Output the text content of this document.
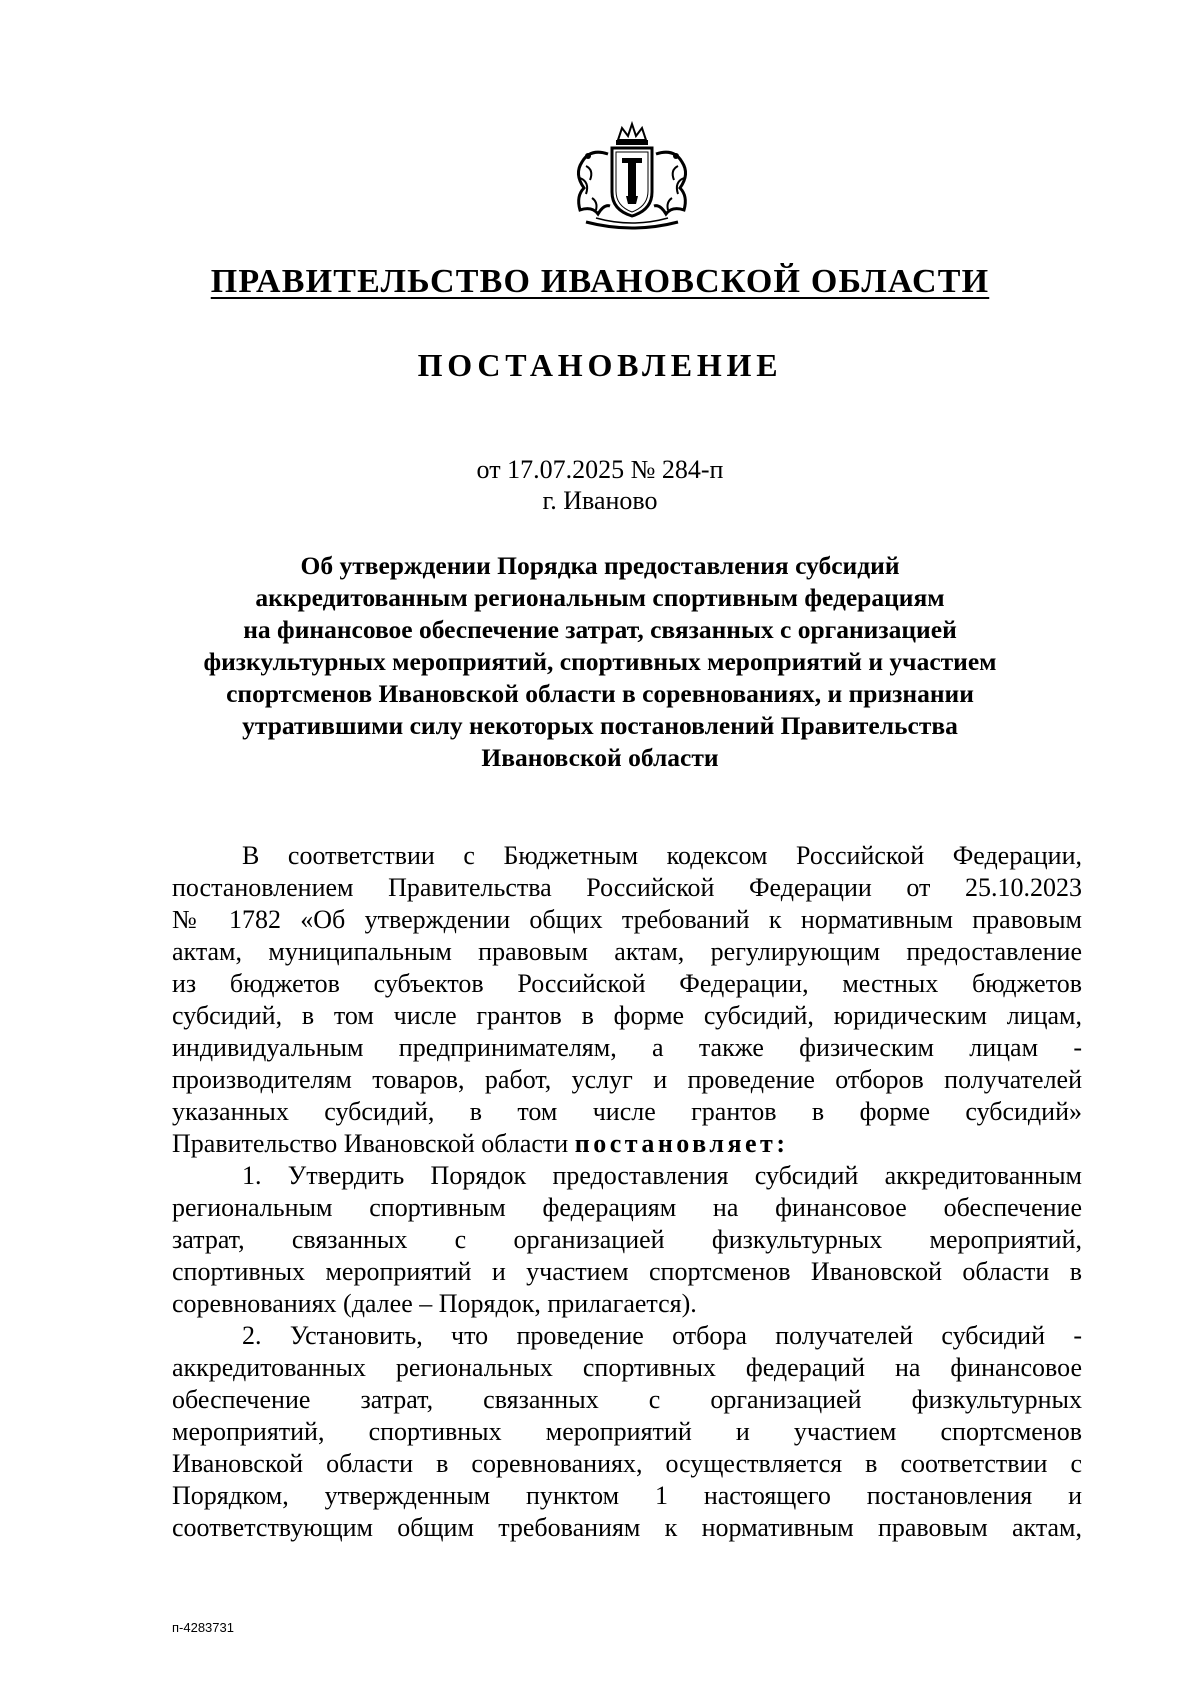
ПРАВИТЕЛЬСТВО ИВАНОВСКОЙ ОБЛАСТИ
ПОСТАНОВЛЕНИЕ
от 17.07.2025 № 284-п
г. Иваново
Об утверждении Порядка предоставления субсидий
аккредитованным региональным спортивным федерациям
на финансовое обеспечение затрат, связанных с организацией
физкультурных мероприятий, спортивных мероприятий и участием
спортсменов Ивановской области в соревнованиях, и признании
утратившими силу некоторых постановлений Правительства
Ивановской области
В соответствии с Бюджетным кодексом Российской Федерации,
постановлением Правительства Российской Федерации от 25.10.2023
№ 1782 «Об утверждении общих требований к нормативным правовым
актам, муниципальным правовым актам, регулирующим предоставление
из бюджетов субъектов Российской Федерации, местных бюджетов
субсидий, в том числе грантов в форме субсидий, юридическим лицам,
индивидуальным предпринимателям, а также физическим лицам -
производителям товаров, работ, услуг и проведение отборов получателей
указанных субсидий, в том числе грантов в форме субсидий»
Правительство Ивановской области постановляет:
1. Утвердить Порядок предоставления субсидий аккредитованным
региональным спортивным федерациям на финансовое обеспечение
затрат, связанных с организацией физкультурных мероприятий,
спортивных мероприятий и участием спортсменов Ивановской области в
соревнованиях (далее – Порядок, прилагается).
2. Установить, что проведение отбора получателей субсидий -
аккредитованных региональных спортивных федераций на финансовое
обеспечение затрат, связанных с организацией физкультурных
мероприятий, спортивных мероприятий и участием спортсменов
Ивановской области в соревнованиях, осуществляется в соответствии с
Порядком, утвержденным пунктом 1 настоящего постановления и
соответствующим общим требованиям к нормативным правовым актам,
п-4283731
